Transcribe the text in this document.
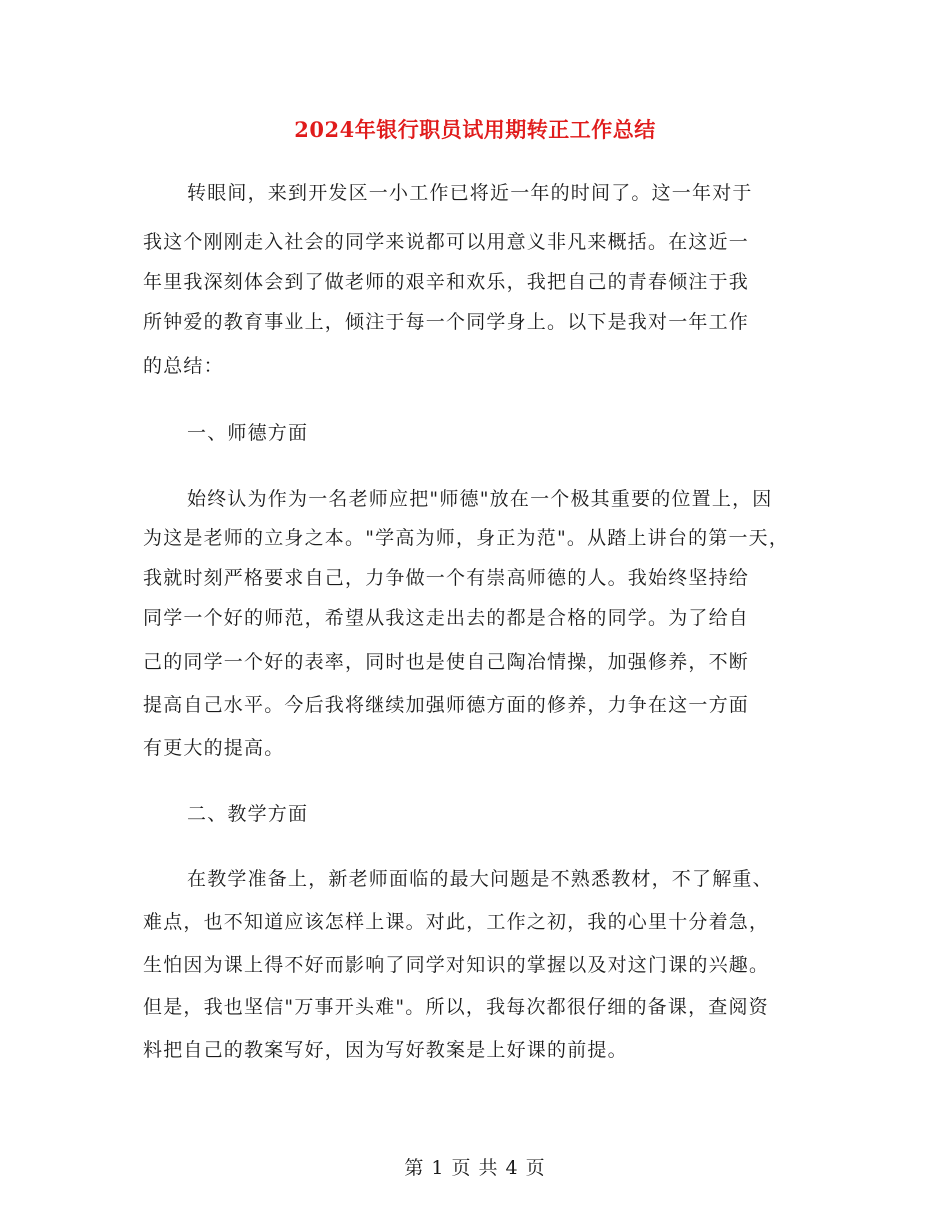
2024年银行职员试用期转正工作总结
转眼间，来到开发区一小工作已将近一年的时间了。这一年对于
我这个刚刚走入社会的同学来说都可以用意义非凡来概括。在这近一
年里我深刻体会到了做老师的艰辛和欢乐，我把自己的青春倾注于我
所钟爱的教育事业上，倾注于每一个同学身上。以下是我对一年工作
的总结：
一、师德方面
始终认为作为一名老师应把"师德"放在一个极其重要的位置上，因
为这是老师的立身之本。"学高为师，身正为范"。从踏上讲台的第一天，
我就时刻严格要求自己，力争做一个有崇高师德的人。我始终坚持给
同学一个好的师范，希望从我这走出去的都是合格的同学。为了给自
己的同学一个好的表率，同时也是使自己陶冶情操，加强修养，不断
提高自己水平。今后我将继续加强师德方面的修养，力争在这一方面
有更大的提高。
二、教学方面
在教学准备上，新老师面临的最大问题是不熟悉教材，不了解重、
难点，也不知道应该怎样上课。对此，工作之初，我的心里十分着急，
生怕因为课上得不好而影响了同学对知识的掌握以及对这门课的兴趣。
但是，我也坚信"万事开头难"。所以，我每次都很仔细的备课，查阅资
料把自己的教案写好，因为写好教案是上好课的前提。
第 1 页 共 4 页
